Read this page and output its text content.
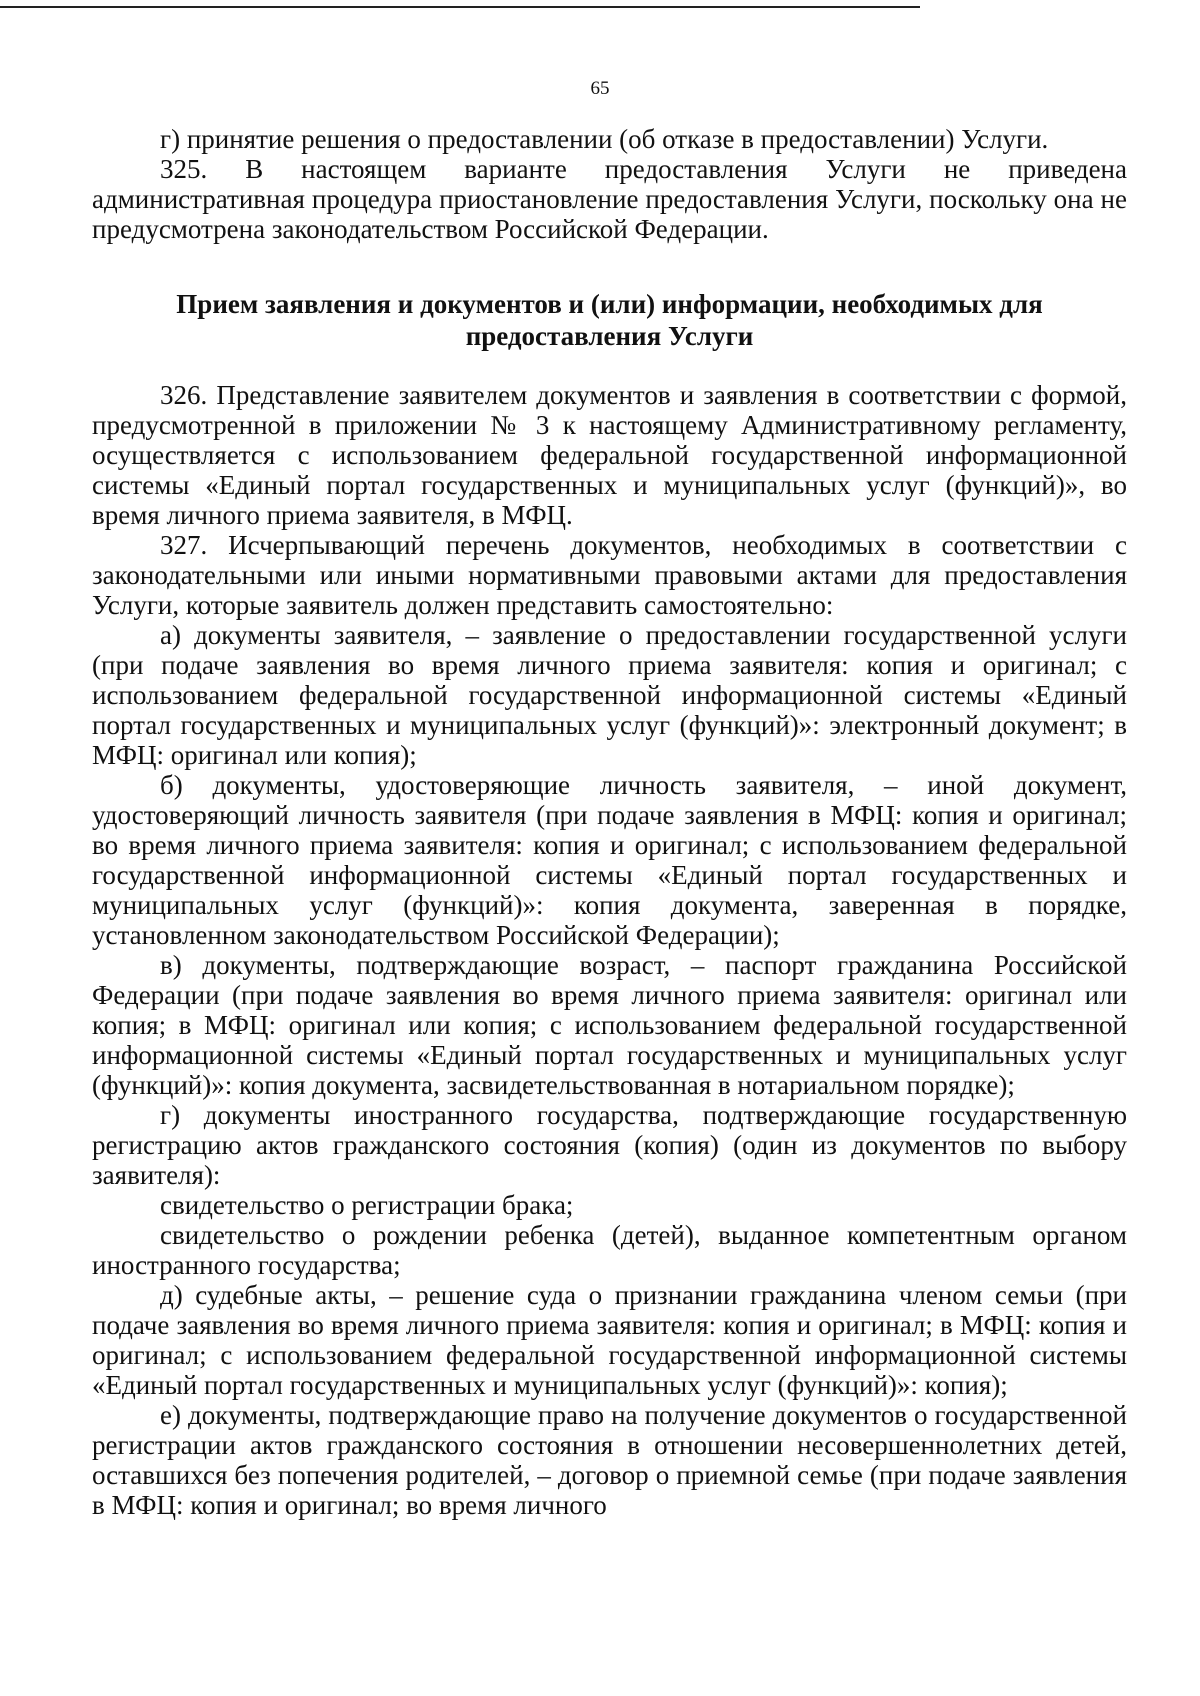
65

г) принятие решения о предоставлении (об отказе в предоставлении) Услуги.

325. В настоящем варианте предоставления Услуги не приведена административная процедура приостановление предоставления Услуги, поскольку она не предусмотрена законодательством Российской Федерации.

Прием заявления и документов и (или) информации, необходимых для предоставления Услуги

326. Представление заявителем документов и заявления в соответствии с формой, предусмотренной в приложении № 3 к настоящему Административному регламенту, осуществляется с использованием федеральной государственной информационной системы «Единый портал государственных и муниципальных услуг (функций)», во время личного приема заявителя, в МФЦ.

327. Исчерпывающий перечень документов, необходимых в соответствии с законодательными или иными нормативными правовыми актами для предоставления Услуги, которые заявитель должен представить самостоятельно:

а) документы заявителя, – заявление о предоставлении государственной услуги (при подаче заявления во время личного приема заявителя: копия и оригинал; с использованием федеральной государственной информационной системы «Единый портал государственных и муниципальных услуг (функций)»: электронный документ; в МФЦ: оригинал или копия);

б) документы, удостоверяющие личность заявителя, – иной документ, удостоверяющий личность заявителя (при подаче заявления в МФЦ: копия и оригинал; во время личного приема заявителя: копия и оригинал; с использованием федеральной государственной информационной системы «Единый портал государственных и муниципальных услуг (функций)»: копия документа, заверенная в порядке, установленном законодательством Российской Федерации);

в) документы, подтверждающие возраст, – паспорт гражданина Российской Федерации (при подаче заявления во время личного приема заявителя: оригинал или копия; в МФЦ: оригинал или копия; с использованием федеральной государственной информационной системы «Единый портал государственных и муниципальных услуг (функций)»: копия документа, засвидетельствованная в нотариальном порядке);

г) документы иностранного государства, подтверждающие государственную регистрацию актов гражданского состояния (копия) (один из документов по выбору заявителя):

свидетельство о регистрации брака;

свидетельство о рождении ребенка (детей), выданное компетентным органом иностранного государства;

д) судебные акты, – решение суда о признании гражданина членом семьи (при подаче заявления во время личного приема заявителя: копия и оригинал; в МФЦ: копия и оригинал; с использованием федеральной государственной информационной системы «Единый портал государственных и муниципальных услуг (функций)»: копия);

е) документы, подтверждающие право на получение документов о государственной регистрации актов гражданского состояния в отношении несовершеннолетних детей, оставшихся без попечения родителей, – договор о приемной семье (при подаче заявления в МФЦ: копия и оригинал; во время личного
